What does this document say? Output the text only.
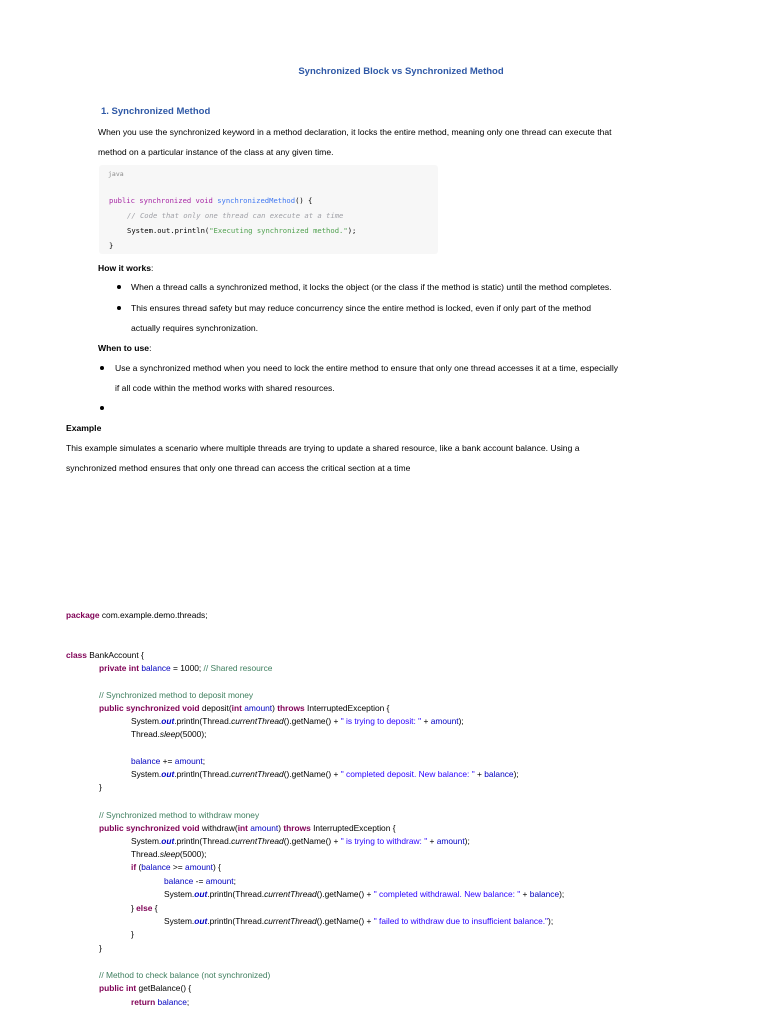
Synchronized Block vs Synchronized Method
1. Synchronized Method
When you use the synchronized keyword in a method declaration, it locks the entire method, meaning only one thread can execute that
method on a particular instance of the class at any given time.
java
public synchronized void synchronizedMethod() {
// Code that only one thread can execute at a time
System.out.println("Executing synchronized method.");
}
How it works:
When a thread calls a synchronized method, it locks the object (or the class if the method is static) until the method completes.
This ensures thread safety but may reduce concurrency since the entire method is locked, even if only part of the method
actually requires synchronization.
When to use:
Use a synchronized method when you need to lock the entire method to ensure that only one thread accesses it at a time, especially
if all code within the method works with shared resources.
Example
This example simulates a scenario where multiple threads are trying to update a shared resource, like a bank account balance. Using a
synchronized method ensures that only one thread can access the critical section at a time
package com.example.demo.threads;
class BankAccount {
private int balance = 1000; // Shared resource
// Synchronized method to deposit money
public synchronized void deposit(int amount) throws InterruptedException {
System.out.println(Thread.currentThread().getName() + " is trying to deposit: " + amount);
Thread.sleep(5000);
balance += amount;
System.out.println(Thread.currentThread().getName() + " completed deposit. New balance: " + balance);
}
// Synchronized method to withdraw money
public synchronized void withdraw(int amount) throws InterruptedException {
System.out.println(Thread.currentThread().getName() + " is trying to withdraw: " + amount);
Thread.sleep(5000);
if (balance >= amount) {
balance -= amount;
System.out.println(Thread.currentThread().getName() + " completed withdrawal. New balance: " + balance);
} else {
System.out.println(Thread.currentThread().getName() + " failed to withdraw due to insufficient balance.");
}
}
// Method to check balance (not synchronized)
public int getBalance() {
return balance;
